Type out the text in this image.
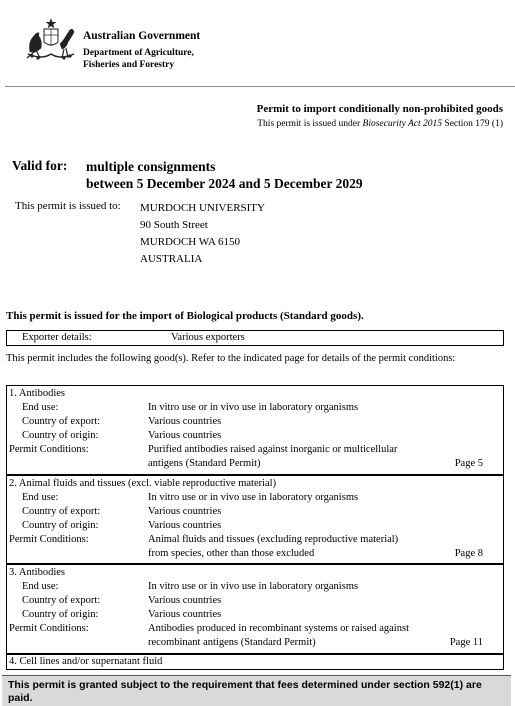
Australian Government
Department of Agriculture,
Fisheries and Forestry
Permit to import conditionally non-prohibited goods
This permit is issued under Biosecurity Act 2015 Section 179 (1)
Valid for: multiple consignments
between 5 December 2024 and 5 December 2029
This permit is issued to: MURDOCH UNIVERSITY
90 South Street
MURDOCH WA 6150
AUSTRALIA
This permit is issued for the import of Biological products (Standard goods).
Exporter details:	Various exporters
This permit includes the following good(s). Refer to the indicated page for details of the permit conditions:
1. Antibodies
End use:	In vitro use or in vivo use in laboratory organisms
Country of export:	Various countries
Country of origin:	Various countries
Permit Conditions:	Purified antibodies raised against inorganic or multicellular
antigens (Standard Permit)	Page 5
2. Animal fluids and tissues (excl. viable reproductive material)
End use:	In vitro use or in vivo use in laboratory organisms
Country of export:	Various countries
Country of origin:	Various countries
Permit Conditions:	Animal fluids and tissues (excluding reproductive material)
from species, other than those excluded	Page 8
3. Antibodies
End use:	In vitro use or in vivo use in laboratory organisms
Country of export:	Various countries
Country of origin:	Various countries
Permit Conditions:	Antibodies produced in recombinant systems or raised against
recombinant antigens (Standard Permit)	Page 11
4. Cell lines and/or supernatant fluid
This permit is granted subject to the requirement that fees determined under section 592(1) are paid.
